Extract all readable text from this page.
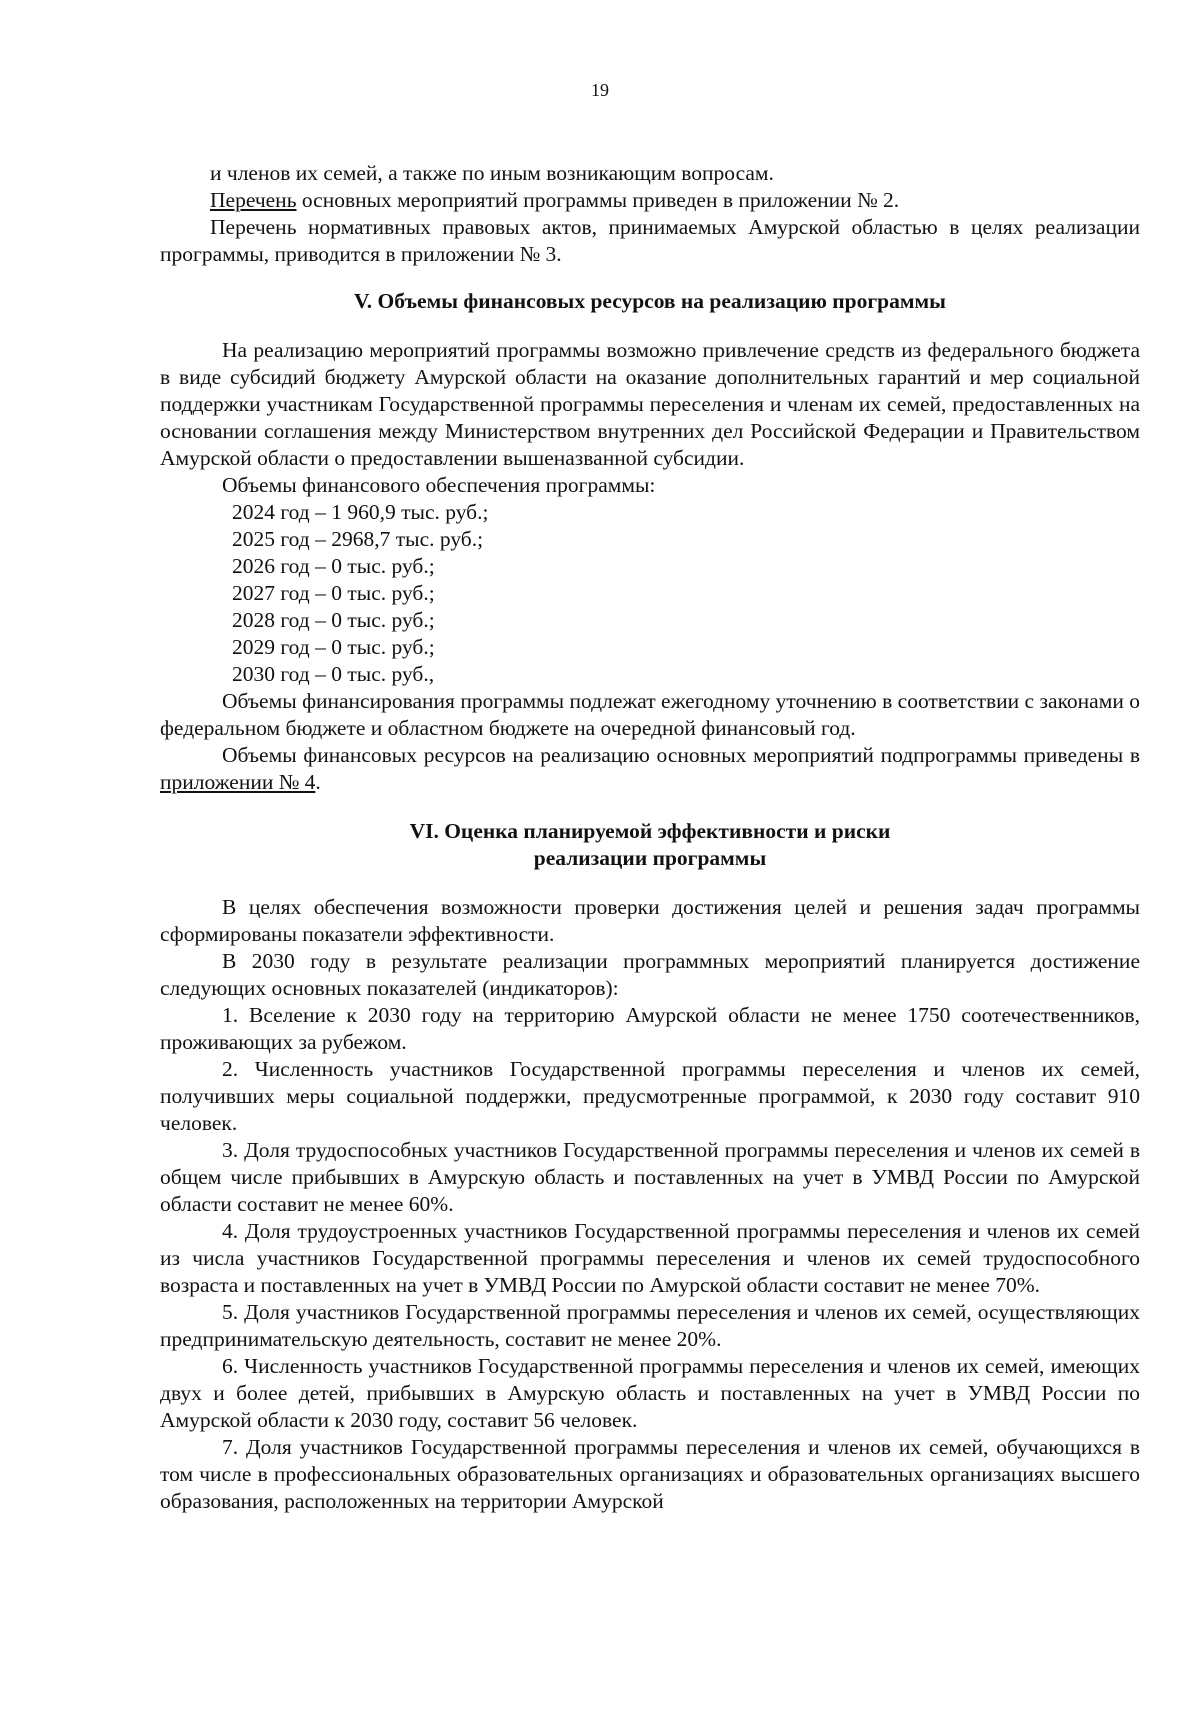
19

и членов их семей, а также по иным возникающим вопросам.

Перечень основных мероприятий программы приведен в приложении № 2.

Перечень нормативных правовых актов, принимаемых Амурской областью в целях реализации программы, приводится в приложении № 3.

V. Объемы финансовых ресурсов на реализацию программы

На реализацию мероприятий программы возможно привлечение средств из федерального бюджета в виде субсидий бюджету Амурской области на оказание дополнительных гарантий и мер социальной поддержки участникам Государственной программы переселения и членам их семей, предоставленных на основании соглашения между Министерством внутренних дел Российской Федерации и Правительством Амурской области о предоставлении вышеназванной субсидии.

Объемы финансового обеспечения программы:

2024 год – 1 960,9 тыс. руб.;
2025 год – 2968,7 тыс. руб.;
2026 год – 0 тыс. руб.;
2027 год – 0 тыс. руб.;
2028 год – 0 тыс. руб.;
2029 год – 0 тыс. руб.;
2030 год – 0 тыс. руб.,

Объемы финансирования программы подлежат ежегодному уточнению в соответствии с законами о федеральном бюджете и областном бюджете на очередной финансовый год.

Объемы финансовых ресурсов на реализацию основных мероприятий подпрограммы приведены в приложении № 4.

VI. Оценка планируемой эффективности и риски
реализации программы

В целях обеспечения возможности проверки достижения целей и решения задач программы сформированы показатели эффективности.

В 2030 году в результате реализации программных мероприятий планируется достижение следующих основных показателей (индикаторов):

1. Вселение к 2030 году на территорию Амурской области не менее 1750 соотечественников, проживающих за рубежом.

2. Численность участников Государственной программы переселения и членов их семей, получивших меры социальной поддержки, предусмотренные программой, к 2030 году составит 910 человек.

3. Доля трудоспособных участников Государственной программы переселения и членов их семей в общем числе прибывших в Амурскую область и поставленных на учет в УМВД России по Амурской области составит не менее 60%.

4. Доля трудоустроенных участников Государственной программы переселения и членов их семей из числа участников Государственной программы переселения и членов их семей трудоспособного возраста и поставленных на учет в УМВД России по Амурской области составит не менее 70%.

5. Доля участников Государственной программы переселения и членов их семей, осуществляющих предпринимательскую деятельность, составит не менее 20%.

6. Численность участников Государственной программы переселения и членов их семей, имеющих двух и более детей, прибывших в Амурскую область и поставленных на учет в УМВД России по Амурской области к 2030 году, составит 56 человек.

7. Доля участников Государственной программы переселения и членов их семей, обучающихся в том числе в профессиональных образовательных организациях и образовательных организациях высшего образования, расположенных на территории Амурской
